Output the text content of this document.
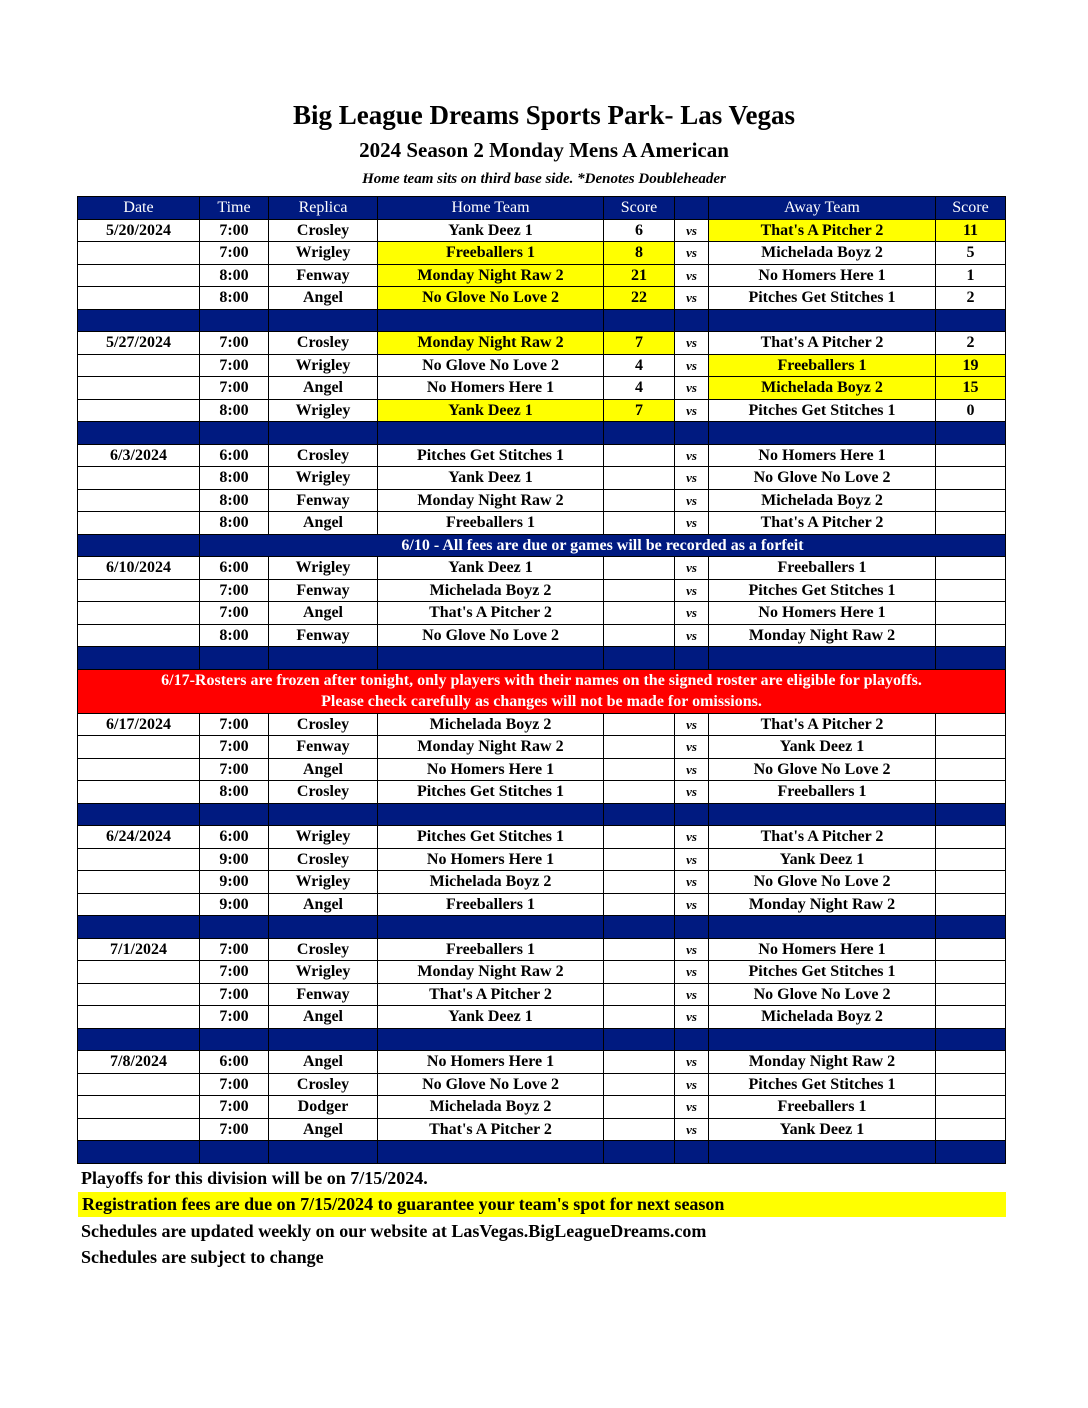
Big League Dreams Sports Park- Las Vegas
2024 Season 2 Monday Mens A American
Home team sits on third base side. *Denotes Doubleheader
Date	Time	Replica	Home Team	Score		Away Team	Score
5/20/2024	7:00	Crosley	Yank Deez 1	6	vs	That's A Pitcher 2	11
	7:00	Wrigley	Freeballers 1	8	vs	Michelada Boyz 2	5
	8:00	Fenway	Monday Night Raw 2	21	vs	No Homers Here 1	1
	8:00	Angel	No Glove No Love 2	22	vs	Pitches Get Stitches 1	2

5/27/2024	7:00	Crosley	Monday Night Raw 2	7	vs	That's A Pitcher 2	2
	7:00	Wrigley	No Glove No Love 2	4	vs	Freeballers 1	19
	7:00	Angel	No Homers Here 1	4	vs	Michelada Boyz 2	15
	8:00	Wrigley	Yank Deez 1	7	vs	Pitches Get Stitches 1	0

6/3/2024	6:00	Crosley	Pitches Get Stitches 1		vs	No Homers Here 1	
	8:00	Wrigley	Yank Deez 1		vs	No Glove No Love 2	
	8:00	Fenway	Monday Night Raw 2		vs	Michelada Boyz 2	
	8:00	Angel	Freeballers 1		vs	That's A Pitcher 2	
	6/10 - All fees are due or games will be recorded as a forfeit						
6/10/2024	6:00	Wrigley	Yank Deez 1		vs	Freeballers 1	
	7:00	Fenway	Michelada Boyz 2		vs	Pitches Get Stitches 1	
	7:00	Angel	That's A Pitcher 2		vs	No Homers Here 1	
	8:00	Fenway	No Glove No Love 2		vs	Monday Night Raw 2	

6/17-Rosters are frozen after tonight, only players with their names on the signed roster are eligible for playoffs.
Please check carefully as changes will not be made for omissions.							

6/17/2024	7:00	Crosley	Michelada Boyz 2		vs	That's A Pitcher 2	
	7:00	Fenway	Monday Night Raw 2		vs	Yank Deez 1	
	7:00	Angel	No Homers Here 1		vs	No Glove No Love 2	
	8:00	Crosley	Pitches Get Stitches 1		vs	Freeballers 1	

6/24/2024	6:00	Wrigley	Pitches Get Stitches 1		vs	That's A Pitcher 2	
	9:00	Crosley	No Homers Here 1		vs	Yank Deez 1	
	9:00	Wrigley	Michelada Boyz 2		vs	No Glove No Love 2	
	9:00	Angel	Freeballers 1		vs	Monday Night Raw 2	

7/1/2024	7:00	Crosley	Freeballers 1		vs	No Homers Here 1	
	7:00	Wrigley	Monday Night Raw 2		vs	Pitches Get Stitches 1	
	7:00	Fenway	That's A Pitcher 2		vs	No Glove No Love 2	
	7:00	Angel	Yank Deez 1		vs	Michelada Boyz 2	

7/8/2024	6:00	Angel	No Homers Here 1		vs	Monday Night Raw 2	
	7:00	Crosley	No Glove No Love 2		vs	Pitches Get Stitches 1	
	7:00	Dodger	Michelada Boyz 2		vs	Freeballers 1	
	7:00	Angel	That's A Pitcher 2		vs	Yank Deez 1	

Playoffs for this division will be on 7/15/2024.
Registration fees are due on 7/15/2024 to guarantee your team's spot for next season
Schedules are updated weekly on our website at LasVegas.BigLeagueDreams.com
Schedules are subject to change
